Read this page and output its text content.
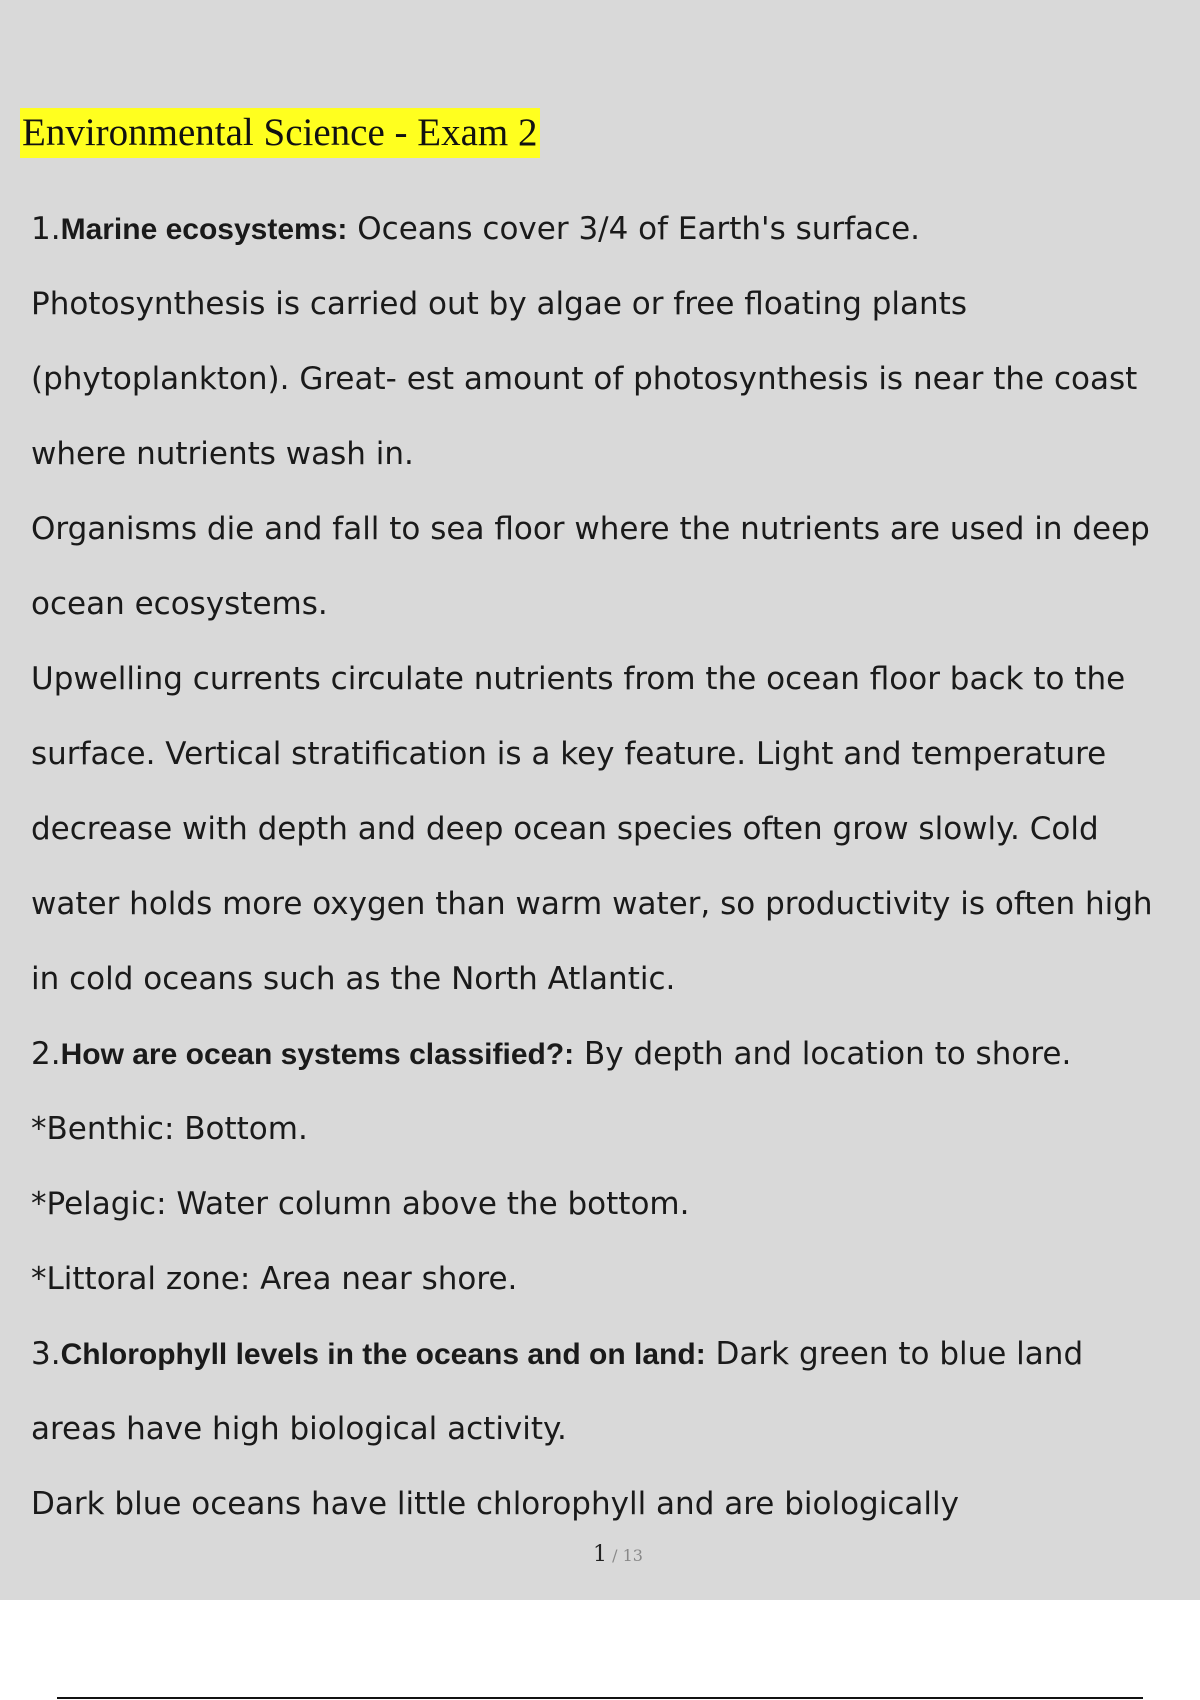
Environmental Science - Exam 2
1.Marine ecosystems: Oceans cover 3/4 of Earth's surface.
Photosynthesis is carried out by algae or free floating plants
(phytoplankton). Great- est amount of photosynthesis is near the coast
where nutrients wash in.
Organisms die and fall to sea floor where the nutrients are used in deep
ocean ecosystems.
Upwelling currents circulate nutrients from the ocean floor back to the
surface. Vertical stratification is a key feature. Light and temperature
decrease with depth and deep ocean species often grow slowly. Cold
water holds more oxygen than warm water, so productivity is often high
in cold oceans such as the North Atlantic.
2.How are ocean systems classified?: By depth and location to shore.
*Benthic: Bottom.
*Pelagic: Water column above the bottom.
*Littoral zone: Area near shore.
3.Chlorophyll levels in the oceans and on land: Dark green to blue land
areas have high biological activity.
Dark blue oceans have little chlorophyll and are biologically
1 / 13
